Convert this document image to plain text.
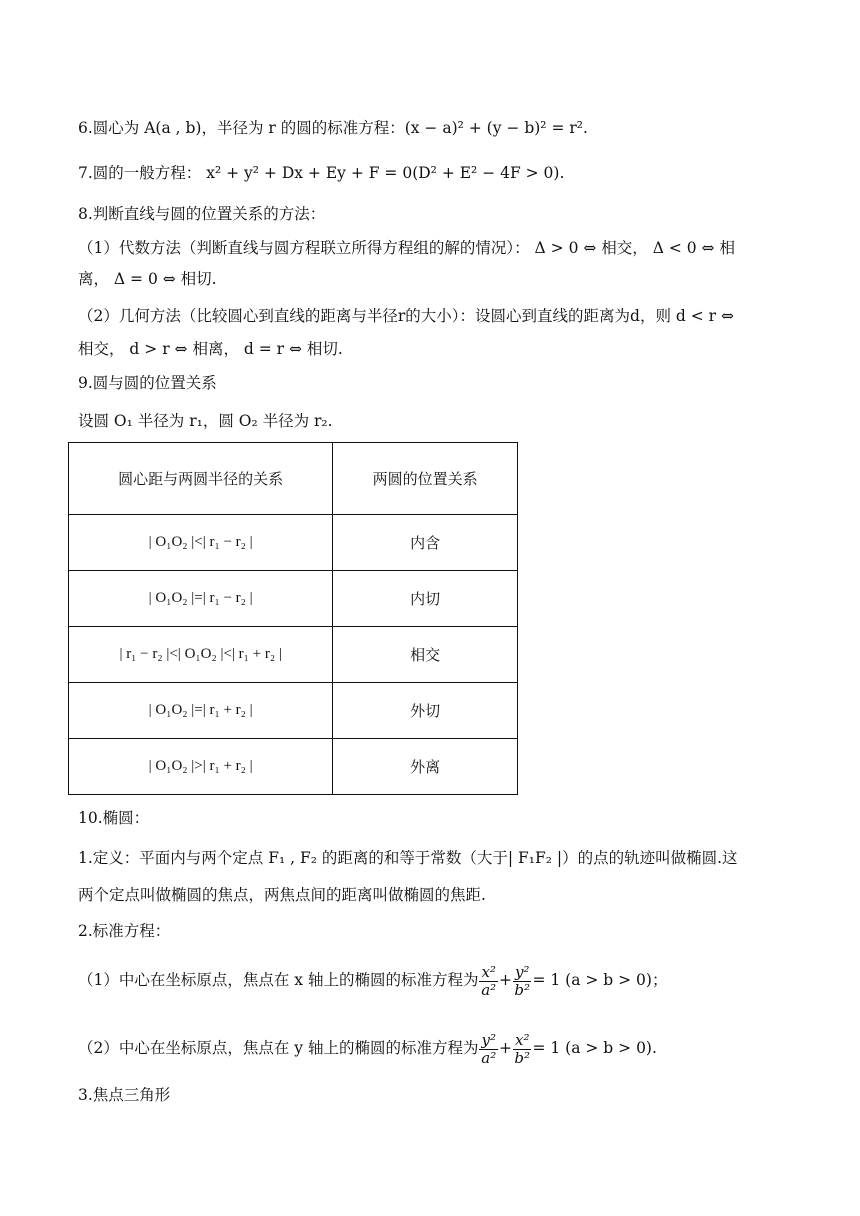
6.圆心为 A(a , b)，半径为 r 的圆的标准方程：(x − a)² + (y − b)² = r².
7.圆的一般方程： x² + y² + Dx + Ey + F = 0(D² + E² − 4F > 0).
8.判断直线与圆的位置关系的方法：
（1）代数方法（判断直线与圆方程联立所得方程组的解的情况）： Δ > 0 ⇔ 相交， Δ < 0 ⇔ 相
离， Δ = 0 ⇔ 相切.
（2）几何方法（比较圆心到直线的距离与半径r的大小）：设圆心到直线的距离为d，则 d < r ⇔
相交， d > r ⇔ 相离， d = r ⇔ 相切.
9.圆与圆的位置关系
设圆 O₁ 半径为 r₁，圆 O₂ 半径为 r₂.
圆心距与两圆半径的关系	两圆的位置关系
| O₁O₂ |<| r₁ − r₂ |	内含
| O₁O₂ |=| r₁ − r₂ |	内切
| r₁ − r₂ |<| O₁O₂ |<| r₁ + r₂ |	相交
| O₁O₂ |=| r₁ + r₂ |	外切
| O₁O₂ |>| r₁ + r₂ |	外离
10.椭圆：
1.定义：平面内与两个定点 F₁ , F₂ 的距离的和等于常数（大于| F₁F₂ |）的点的轨迹叫做椭圆.这
两个定点叫做椭圆的焦点，两焦点间的距离叫做椭圆的焦距.
2.标准方程：
（1）中心在坐标原点，焦点在 x 轴上的椭圆的标准方程为 $\frac{\text{x²}}{\text{a²}} + \frac{\text{y²}}{\text{b²}} = 1$ (a > b > 0)；
（2）中心在坐标原点，焦点在 y 轴上的椭圆的标准方程为 $\frac{\text{y²}}{\text{a²}} + \frac{\text{x²}}{\text{b²}} = 1$ (a > b > 0).
3.焦点三角形
